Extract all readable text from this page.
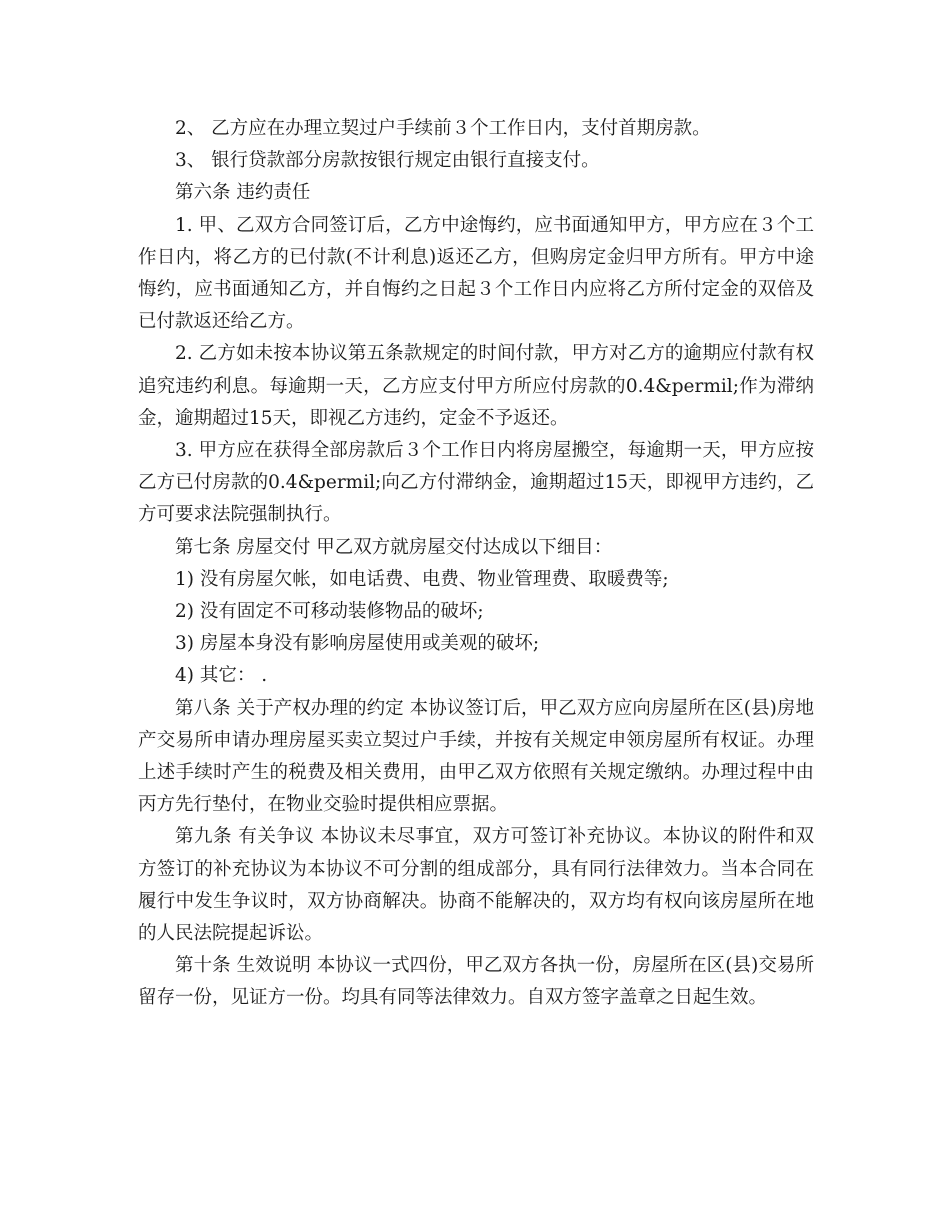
2、 乙方应在办理立契过户手续前３个工作日内，支付首期房款。

3、 银行贷款部分房款按银行规定由银行直接支付。

第六条 违约责任

1. 甲、乙双方合同签订后，乙方中途悔约，应书面通知甲方，甲方应在３个工作日内，将乙方的已付款(不计利息)返还乙方，但购房定金归甲方所有。甲方中途悔约，应书面通知乙方，并自悔约之日起３个工作日内应将乙方所付定金的双倍及已付款返还给乙方。

2. 乙方如未按本协议第五条款规定的时间付款，甲方对乙方的逾期应付款有权追究违约利息。每逾期一天，乙方应支付甲方所应付房款的0.4&permil;作为滞纳金，逾期超过15天，即视乙方违约，定金不予返还。

3. 甲方应在获得全部房款后３个工作日内将房屋搬空，每逾期一天，甲方应按乙方已付房款的0.4&permil;向乙方付滞纳金，逾期超过15天，即视甲方违约，乙方可要求法院强制执行。

第七条 房屋交付 甲乙双方就房屋交付达成以下细目：

1) 没有房屋欠帐，如电话费、电费、物业管理费、取暖费等;

2) 没有固定不可移动装修物品的破坏;

3) 房屋本身没有影响房屋使用或美观的破坏;

4) 其它： .

第八条 关于产权办理的约定 本协议签订后，甲乙双方应向房屋所在区(县)房地产交易所申请办理房屋买卖立契过户手续，并按有关规定申领房屋所有权证。办理上述手续时产生的税费及相关费用，由甲乙双方依照有关规定缴纳。办理过程中由丙方先行垫付，在物业交验时提供相应票据。

第九条 有关争议 本协议未尽事宜，双方可签订补充协议。本协议的附件和双方签订的补充协议为本协议不可分割的组成部分，具有同行法律效力。当本合同在履行中发生争议时，双方协商解决。协商不能解决的，双方均有权向该房屋所在地的人民法院提起诉讼。

第十条 生效说明 本协议一式四份，甲乙双方各执一份，房屋所在区(县)交易所留存一份，见证方一份。均具有同等法律效力。自双方签字盖章之日起生效。
